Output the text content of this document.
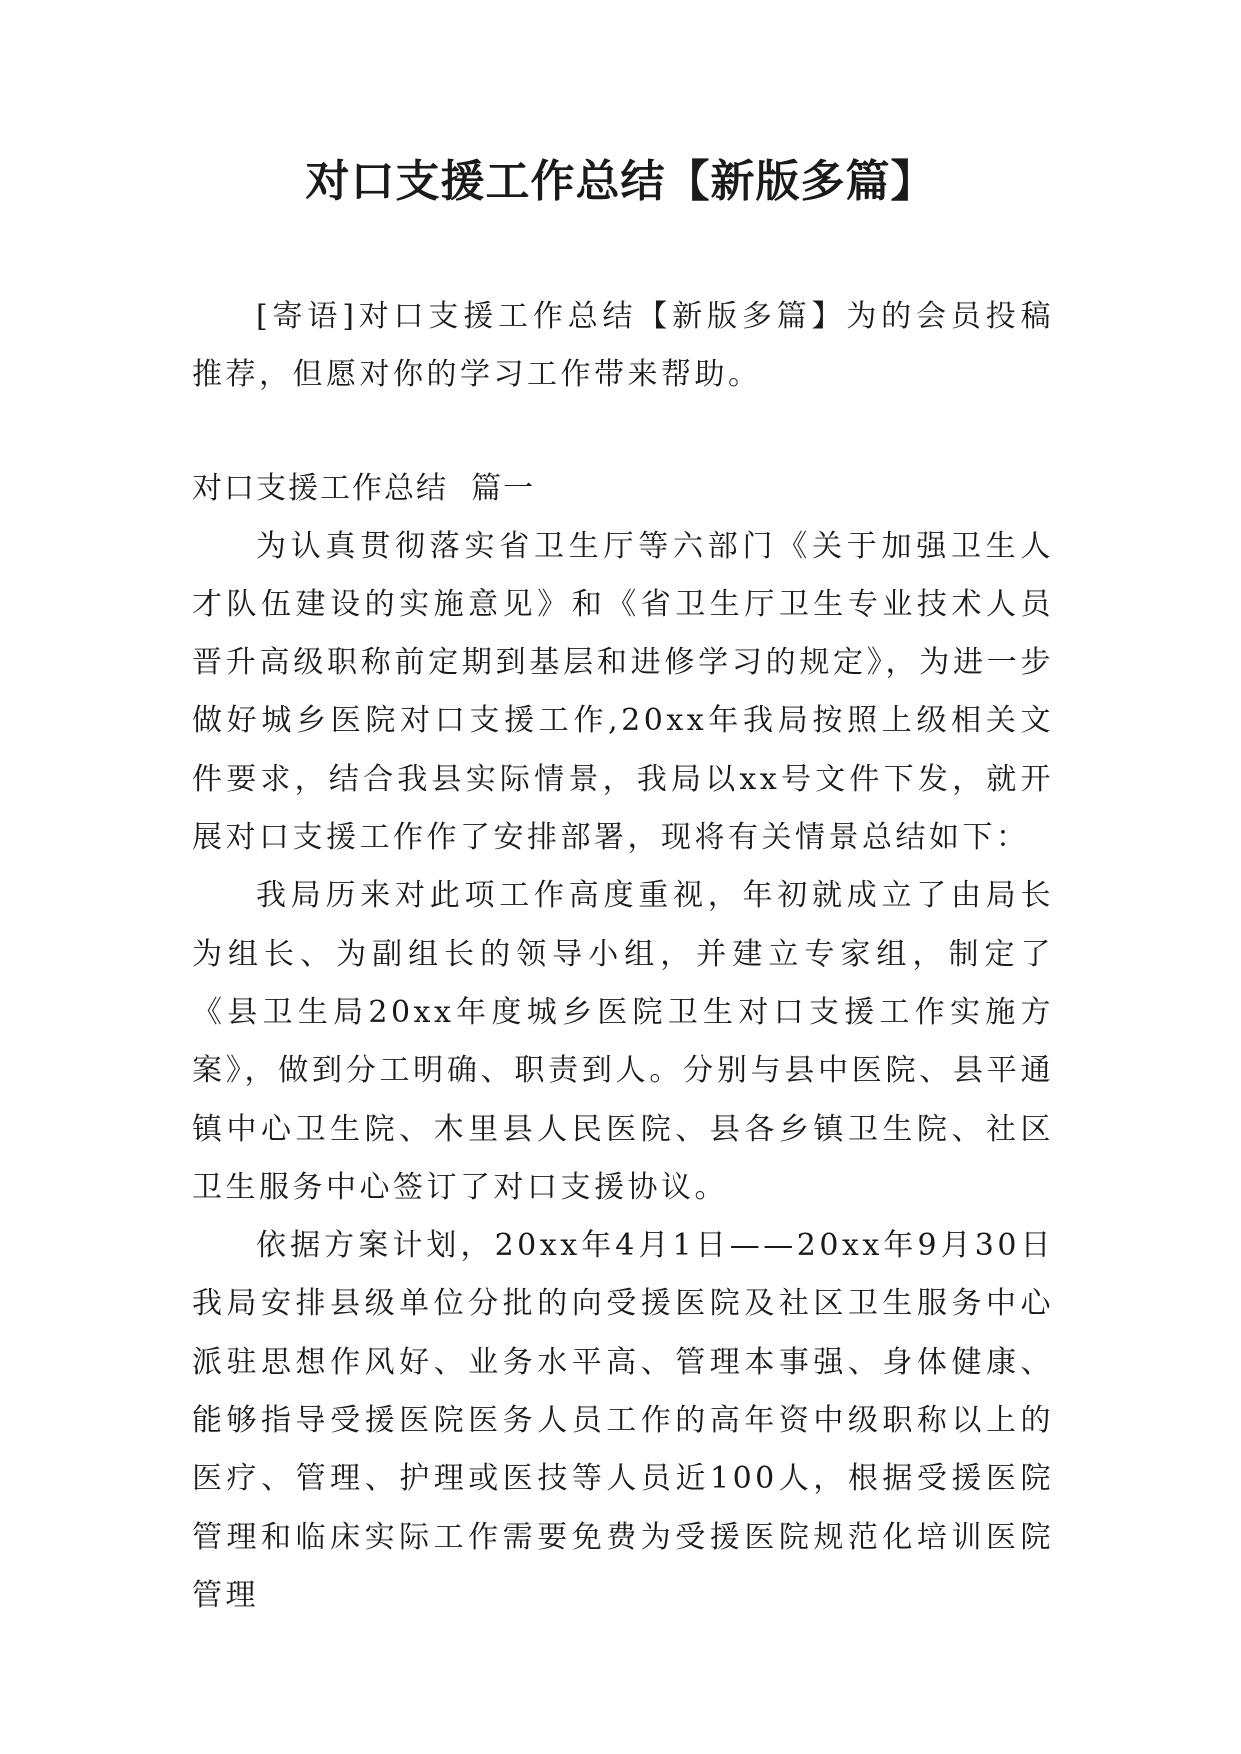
对口支援工作总结【新版多篇】

[寄语]对口支援工作总结【新版多篇】为的会员投稿推荐，但愿对你的学习工作带来帮助。

对口支援工作总结  篇一

为认真贯彻落实省卫生厅等六部门《关于加强卫生人才队伍建设的实施意见》和《省卫生厅卫生专业技术人员晋升高级职称前定期到基层和进修学习的规定》，为进一步做好城乡医院对口支援工作,20xx年我局按照上级相关文件要求，结合我县实际情景，我局以xx号文件下发，就开展对口支援工作作了安排部署，现将有关情景总结如下：

我局历来对此项工作高度重视，年初就成立了由局长为组长、为副组长的领导小组，并建立专家组，制定了《县卫生局20xx年度城乡医院卫生对口支援工作实施方案》，做到分工明确、职责到人。分别与县中医院、县平通镇中心卫生院、木里县人民医院、县各乡镇卫生院、社区卫生服务中心签订了对口支援协议。

依据方案计划，20xx年4月1日——20xx年9月30日我局安排县级单位分批的向受援医院及社区卫生服务中心派驻思想作风好、业务水平高、管理本事强、身体健康、能够指导受援医院医务人员工作的高年资中级职称以上的医疗、管理、护理或医技等人员近100人，根据受援医院管理和临床实际工作需要免费为受援医院规范化培训医院管理
